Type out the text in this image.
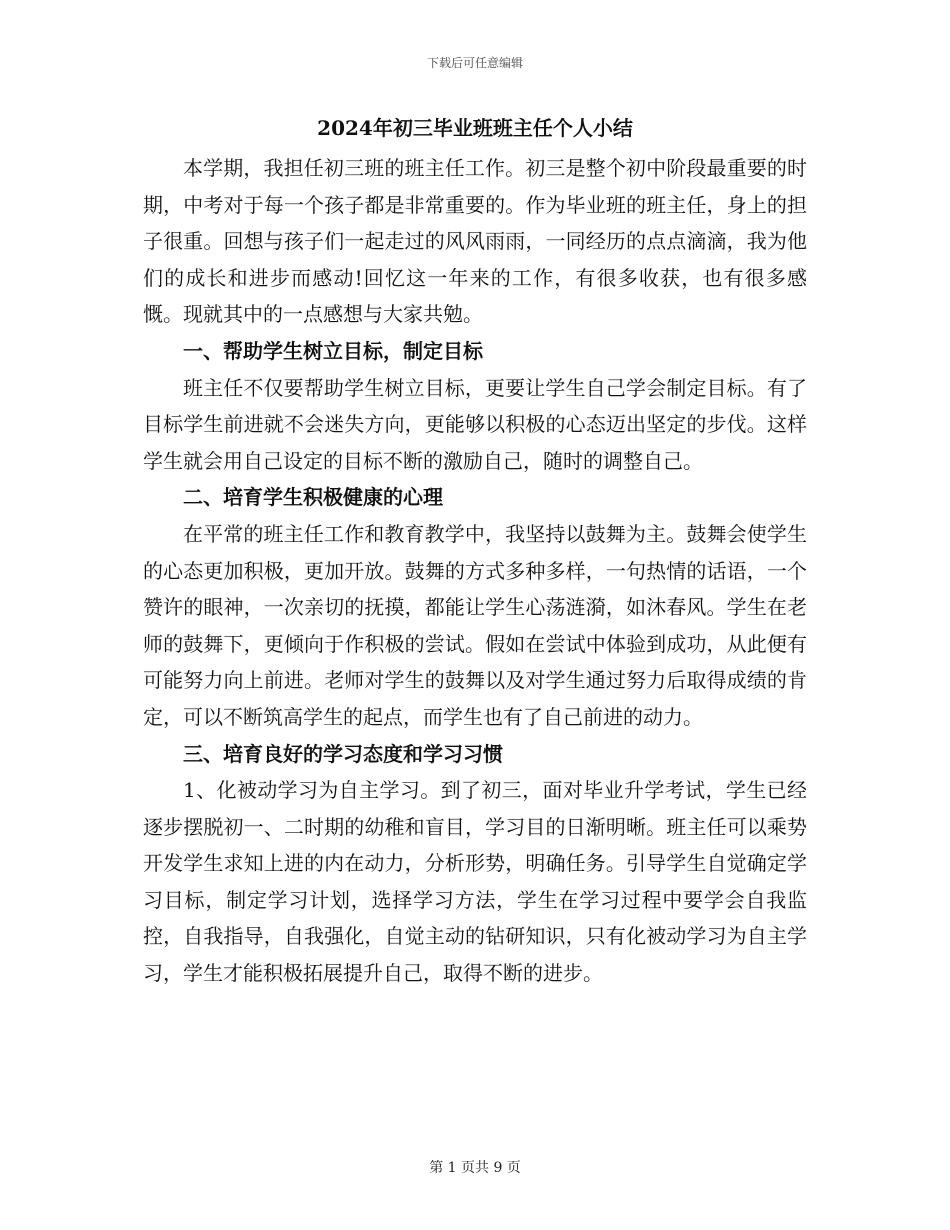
下载后可任意编辑
2024年初三毕业班班主任个人小结

本学期，我担任初三班的班主任工作。初三是整个初中阶段最重要的时期，中考对于每一个孩子都是非常重要的。作为毕业班的班主任，身上的担子很重。回想与孩子们一起走过的风风雨雨，一同经历的点点滴滴，我为他们的成长和进步而感动!回忆这一年来的工作，有很多收获，也有很多感慨。现就其中的一点感想与大家共勉。

一、帮助学生树立目标，制定目标

班主任不仅要帮助学生树立目标，更要让学生自己学会制定目标。有了目标学生前进就不会迷失方向，更能够以积极的心态迈出坚定的步伐。这样学生就会用自己设定的目标不断的激励自己，随时的调整自己。

二、培育学生积极健康的心理

在平常的班主任工作和教育教学中，我坚持以鼓舞为主。鼓舞会使学生的心态更加积极，更加开放。鼓舞的方式多种多样，一句热情的话语，一个赞许的眼神，一次亲切的抚摸，都能让学生心荡涟漪，如沐春风。学生在老师的鼓舞下，更倾向于作积极的尝试。假如在尝试中体验到成功，从此便有可能努力向上前进。老师对学生的鼓舞以及对学生通过努力后取得成绩的肯定，可以不断筑高学生的起点，而学生也有了自己前进的动力。

三、培育良好的学习态度和学习习惯

1、化被动学习为自主学习。到了初三，面对毕业升学考试，学生已经逐步摆脱初一、二时期的幼稚和盲目，学习目的日渐明晰。班主任可以乘势开发学生求知上进的内在动力，分析形势，明确任务。引导学生自觉确定学习目标，制定学习计划，选择学习方法，学生在学习过程中要学会自我监控，自我指导，自我强化，自觉主动的钻研知识，只有化被动学习为自主学习，学生才能积极拓展提升自己，取得不断的进步。

第 1 页共 9 页
